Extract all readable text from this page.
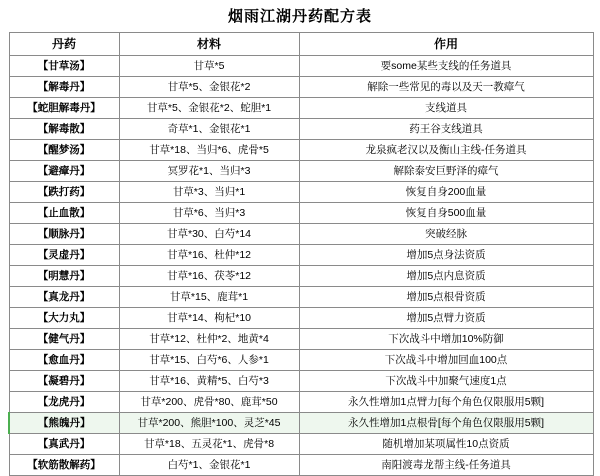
烟雨江湖丹药配方表
丹药	材料	作用
【甘草汤】	甘草*5	要some某些支线的任务道具
【解毒丹】	甘草*5、金银花*2	解除一些常见的毒以及天一教瘴气
【蛇胆解毒丹】	甘草*5、金银花*2、蛇胆*1	支线道具
【解毒散】	奇草*1、金银花*1	药王谷支线道具
【醒梦汤】	甘草*18、当归*6、虎骨*5	龙泉疯老汉以及衡山主线-任务道具
【避瘴丹】	冥罗花*1、当归*3	解除泰安巨野泽的瘴气
【跌打药】	甘草*3、当归*1	恢复自身200血量
【止血散】	甘草*6、当归*3	恢复自身500血量
【顺脉丹】	甘草*30、白芍*14	突破经脉
【灵虚丹】	甘草*16、杜仲*12	增加5点身法资质
【明慧丹】	甘草*16、茯苓*12	增加5点内息资质
【真龙丹】	甘草*15、鹿茸*1	增加5点根骨资质
【大力丸】	甘草*14、枸杞*10	增加5点臂力资质
【健气丹】	甘草*12、杜仲*2、地黄*4	下次战斗中增加10%防御
【愈血丹】	甘草*15、白芍*6、人参*1	下次战斗中增加回血100点
【凝碧丹】	甘草*16、黄精*5、白芍*3	下次战斗中加聚气速度1点
【龙虎丹】	甘草*200、虎骨*80、鹿茸*50	永久性增加1点臂力[每个角色仅限服用5颗]
【熊魄丹】	甘草*200、熊胆*100、灵芝*45	永久性增加1点根骨[每个角色仅限服用5颗]
【真武丹】	甘草*18、五灵花*1、虎骨*8	随机增加某项属性10点资质
【软筋散解药】	白芍*1、金银花*1	南阳渡毒龙帮主线-任务道具
